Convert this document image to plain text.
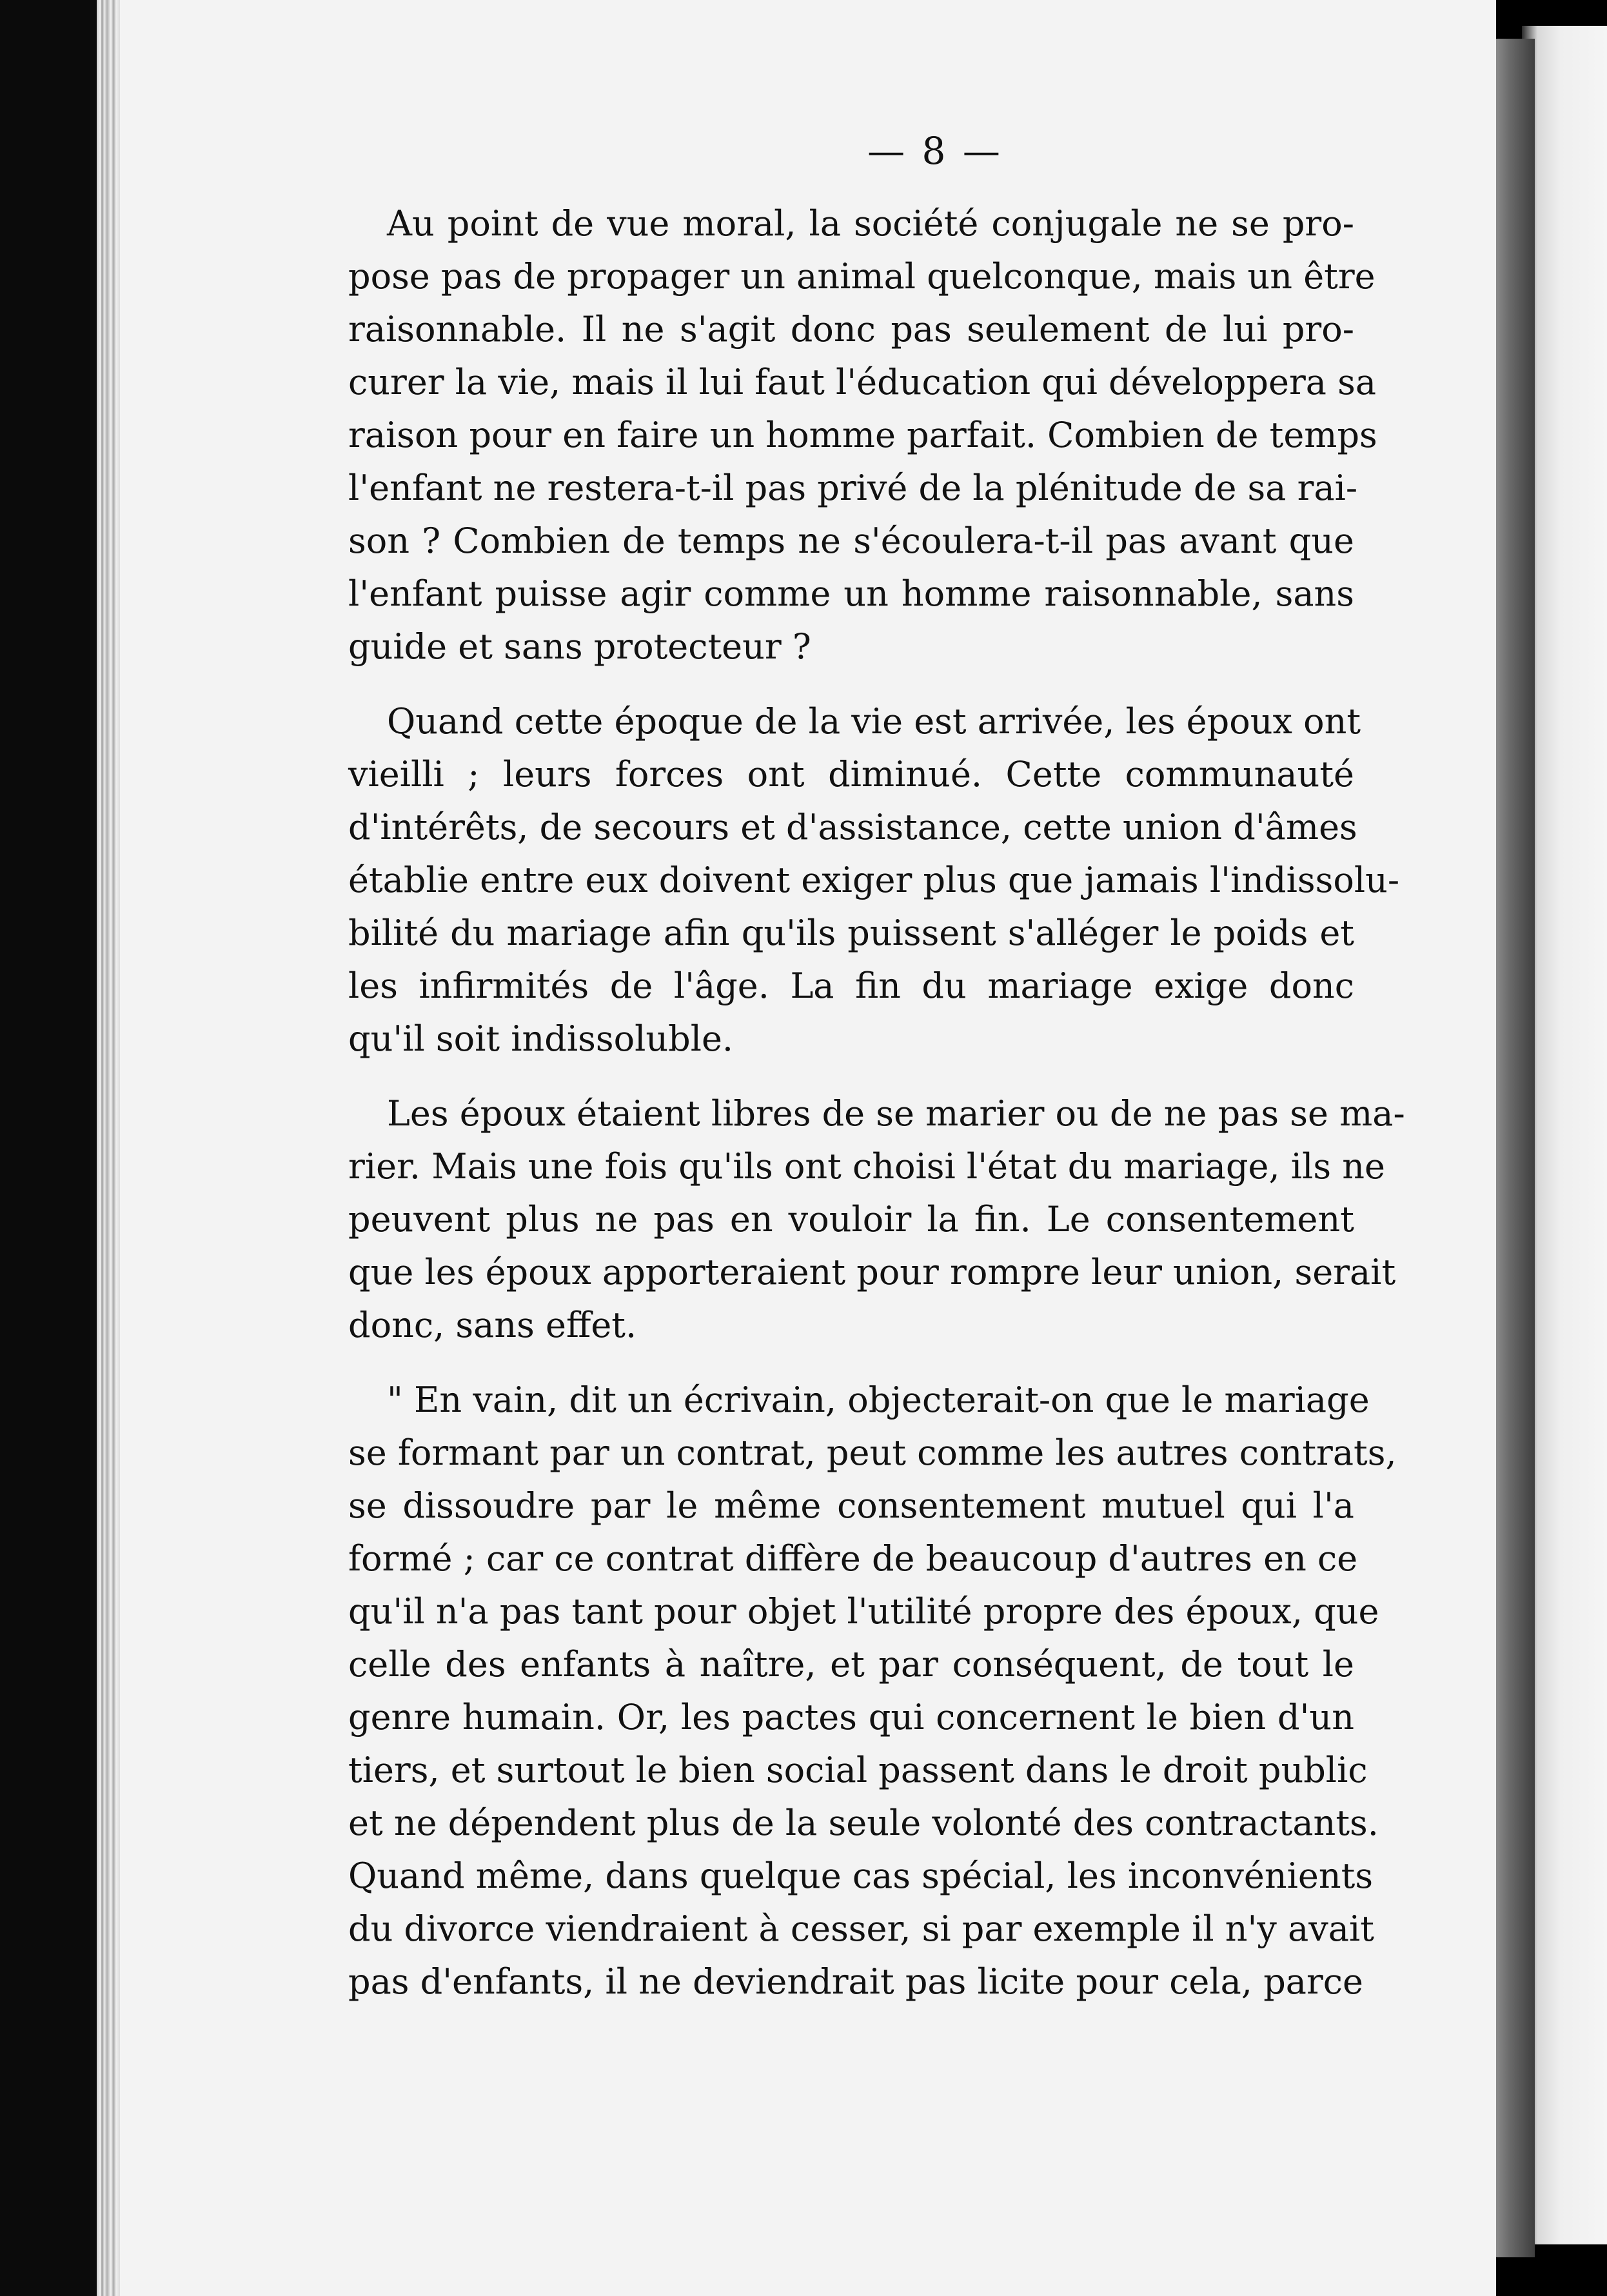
— 8 —
Au point de vue moral, la société conjugale ne se pro-
pose pas de propager un animal quelconque, mais un être
raisonnable. Il ne s'agit donc pas seulement de lui pro-
curer la vie, mais il lui faut l'éducation qui développera sa
raison pour en faire un homme parfait. Combien de temps
l'enfant ne restera-t-il pas privé de la plénitude de sa rai-
son ? Combien de temps ne s'écoulera-t-il pas avant que
l'enfant puisse agir comme un homme raisonnable, sans
guide et sans protecteur ?
Quand cette époque de la vie est arrivée, les époux ont
vieilli ; leurs forces ont diminué. Cette communauté
d'intérêts, de secours et d'assistance, cette union d'âmes
établie entre eux doivent exiger plus que jamais l'indissolu-
bilité du mariage afin qu'ils puissent s'alléger le poids et
les infirmités de l'âge. La fin du mariage exige donc
qu'il soit indissoluble.
Les époux étaient libres de se marier ou de ne pas se ma-
rier. Mais une fois qu'ils ont choisi l'état du mariage, ils ne
peuvent plus ne pas en vouloir la fin. Le consentement
que les époux apporteraient pour rompre leur union, serait
donc, sans effet.
" En vain, dit un écrivain, objecterait-on que le mariage
se formant par un contrat, peut comme les autres contrats,
se dissoudre par le même consentement mutuel qui l'a
formé ; car ce contrat diffère de beaucoup d'autres en ce
qu'il n'a pas tant pour objet l'utilité propre des époux, que
celle des enfants à naître, et par conséquent, de tout le
genre humain. Or, les pactes qui concernent le bien d'un
tiers, et surtout le bien social passent dans le droit public
et ne dépendent plus de la seule volonté des contractants.
Quand même, dans quelque cas spécial, les inconvénients
du divorce viendraient à cesser, si par exemple il n'y avait
pas d'enfants, il ne deviendrait pas licite pour cela, parce
